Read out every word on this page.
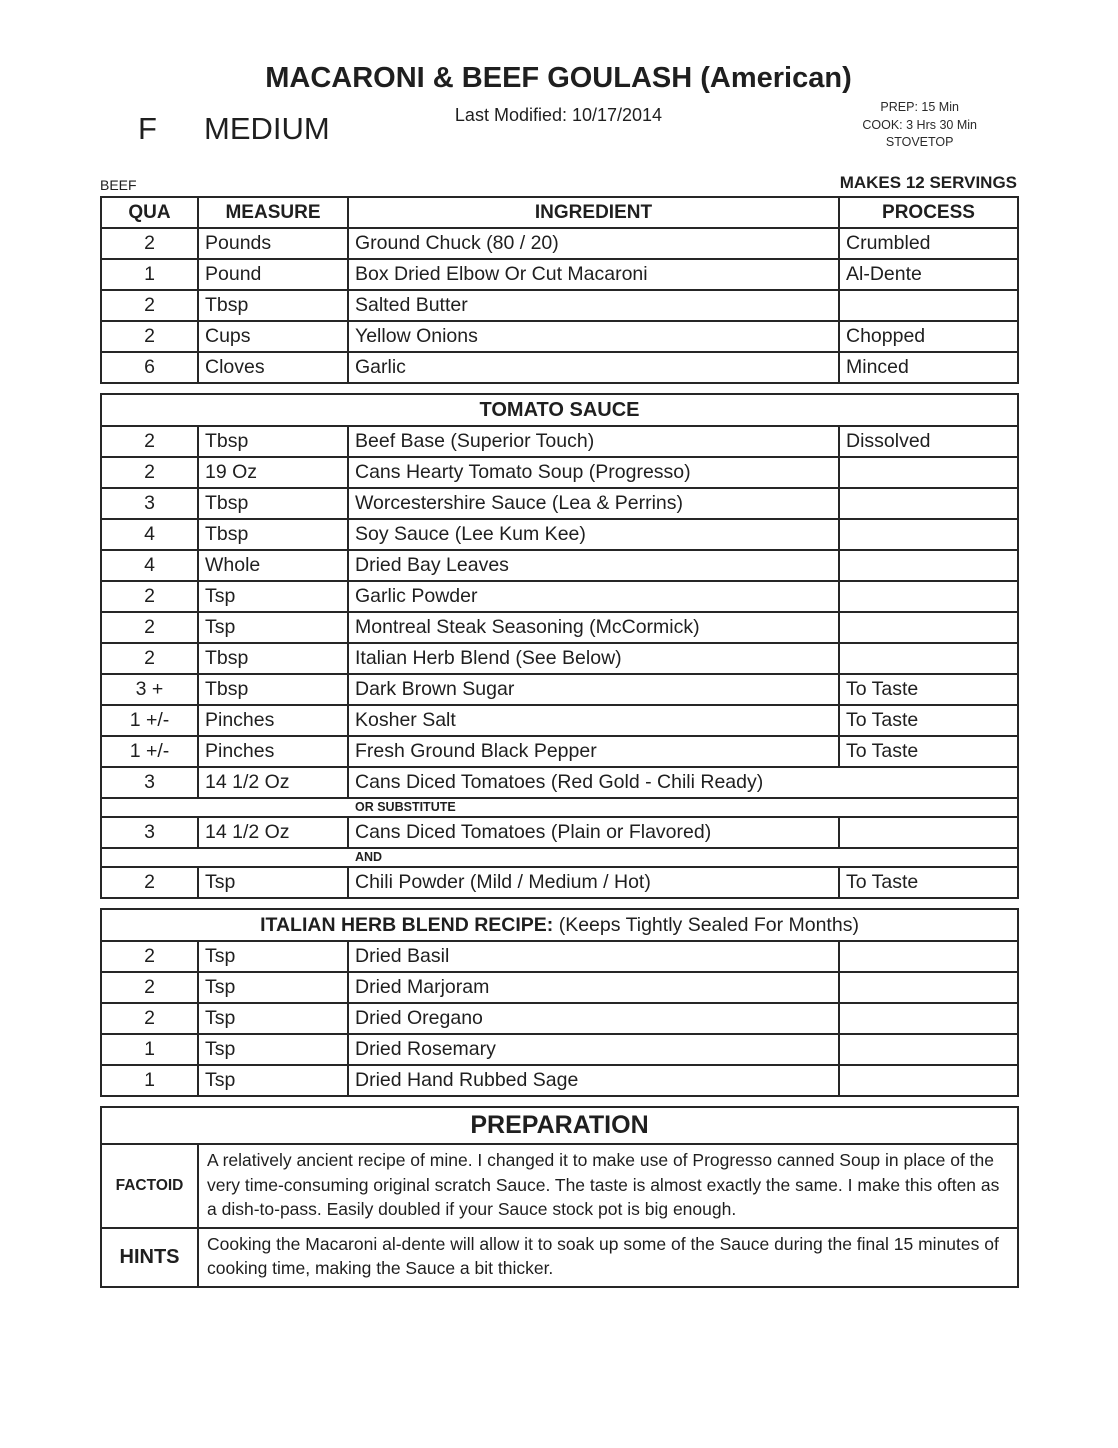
MACARONI & BEEF GOULASH (American)
F MEDIUM	Last Modified: 10/17/2014	PREP: 15 Min
COOK: 3 Hrs 30 Min
STOVETOP
BEEF	MAKES 12 SERVINGS
QUA	MEASURE	INGREDIENT	PROCESS
2	Pounds	Ground Chuck (80 / 20)	Crumbled
1	Pound	Box Dried Elbow Or Cut Macaroni	Al-Dente
2	Tbsp	Salted Butter	
2	Cups	Yellow Onions	Chopped
6	Cloves	Garlic	Minced
TOMATO SAUCE			
2	Tbsp	Beef Base (Superior Touch)	Dissolved
2	19 Oz	Cans Hearty Tomato Soup (Progresso)	
3	Tbsp	Worcestershire Sauce (Lea & Perrins)	
4	Tbsp	Soy Sauce (Lee Kum Kee)	
4	Whole	Dried Bay Leaves	
2	Tsp	Garlic Powder	
2	Tsp	Montreal Steak Seasoning (McCormick)	
2	Tbsp	Italian Herb Blend (See Below)	
3 +	Tbsp	Dark Brown Sugar	To Taste
1 +/-	Pinches	Kosher Salt	To Taste
1 +/-	Pinches	Fresh Ground Black Pepper	To Taste
3	14 1/2 Oz	Cans Diced Tomatoes (Red Gold - Chili Ready)	
OR SUBSTITUTE			
3	14 1/2 Oz	Cans Diced Tomatoes (Plain or Flavored)	
AND			
2	Tsp	Chili Powder (Mild / Medium / Hot)	To Taste
ITALIAN HERB BLEND RECIPE: (Keeps Tightly Sealed For Months)			
2	Tsp	Dried Basil	
2	Tsp	Dried Marjoram	
2	Tsp	Dried Oregano	
1	Tsp	Dried Rosemary	
1	Tsp	Dried Hand Rubbed Sage	
PREPARATION	
FACTOID	A relatively ancient recipe of mine. I changed it to make use of Progresso canned Soup in place of the very time-consuming original scratch Sauce. The taste is almost exactly the same. I make this often as a dish-to-pass. Easily doubled if your Sauce stock pot is big enough.
HINTS	Cooking the Macaroni al-dente will allow it to soak up some of the Sauce during the final 15 minutes of cooking time, making the Sauce a bit thicker.
